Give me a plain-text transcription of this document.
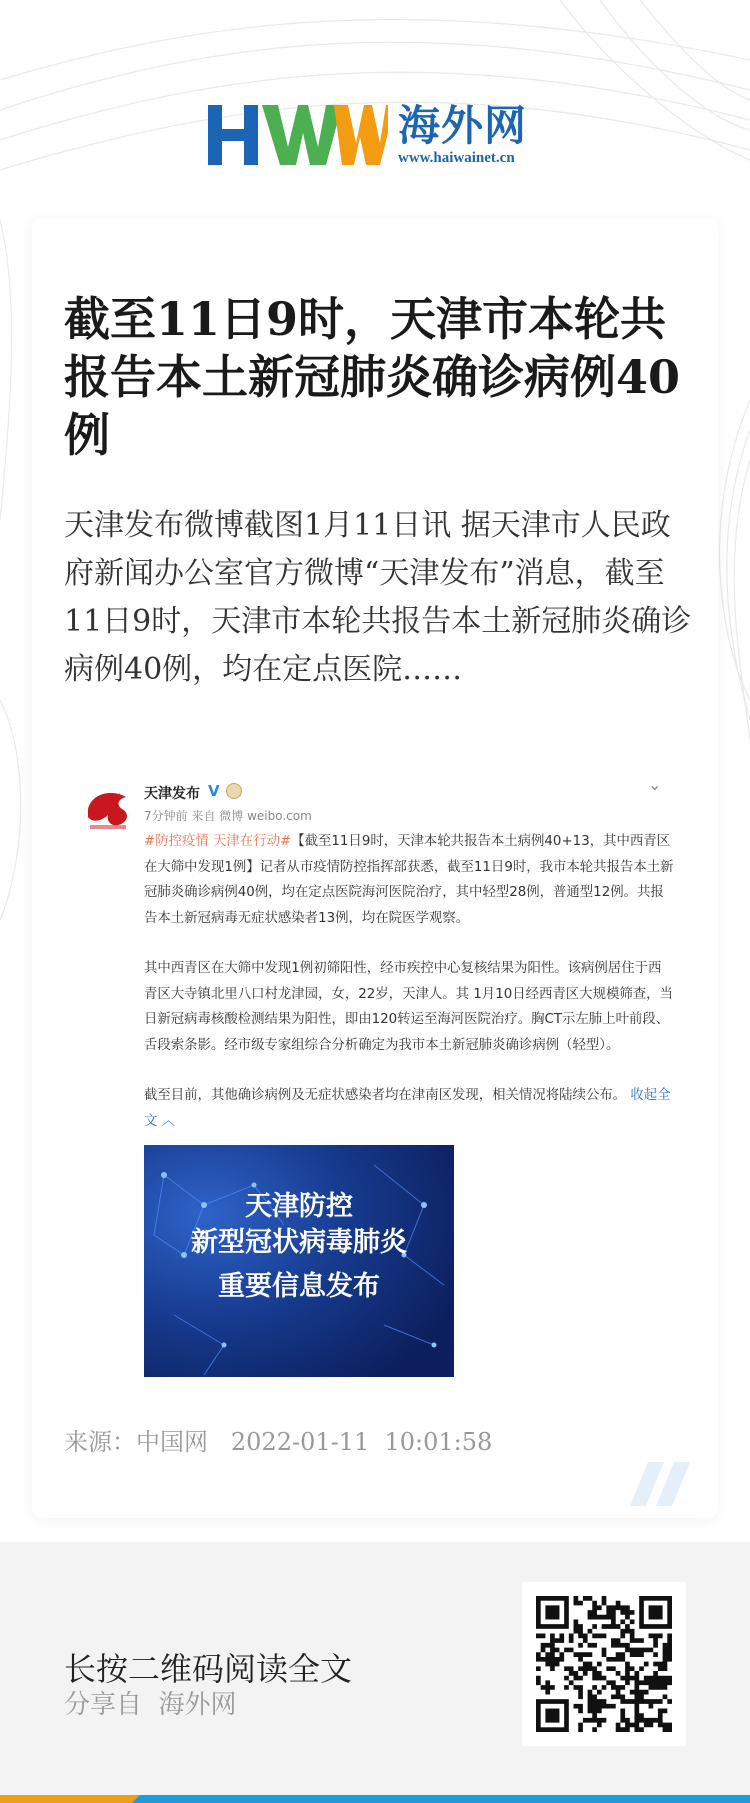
海外网
www.haiwainet.cn
截至11日9时，天津市本轮共报告本土新冠肺炎确诊病例40例
天津发布微博截图1月11日讯 据天津市人民政府新闻办公室官方微博“天津发布”消息，截至11日9时，天津市本轮共报告本土新冠肺炎确诊病例40例，均在定点医院……
天津发布 V
7分钟前 来自 微博 weibo.com
⌄

#防控疫情 天津在行动#【截至11日9时，天津本轮共报告本土病例40+13，其中西青区在大筛中发现1例】记者从市疫情防控指挥部获悉，截至11日9时，我市本轮共报告本土新冠肺炎确诊病例40例，均在定点医院海河医院治疗，其中轻型28例，普通型12例。共报告本土新冠病毒无症状感染者13例，均在院医学观察。

其中西青区在大筛中发现1例初筛阳性，经市疾控中心复核结果为阳性。该病例居住于西青区大寺镇北里八口村龙津园，女，22岁，天津人。其 1月10日经西青区大规模筛查，当日新冠病毒核酸检测结果为阳性，即由120转运至海河医院治疗。胸CT示左肺上叶前段、舌段索条影。经市级专家组综合分析确定为我市本土新冠肺炎确诊病例（轻型）。

截至目前，其他确诊病例及无症状感染者均在津南区发现，相关情况将陆续公布。 收起全文 ︿

天津防控
新型冠状病毒肺炎
重要信息发布
来源：中国网   2022-01-11  10:01:58
长按二维码阅读全文
分享自  海外网
